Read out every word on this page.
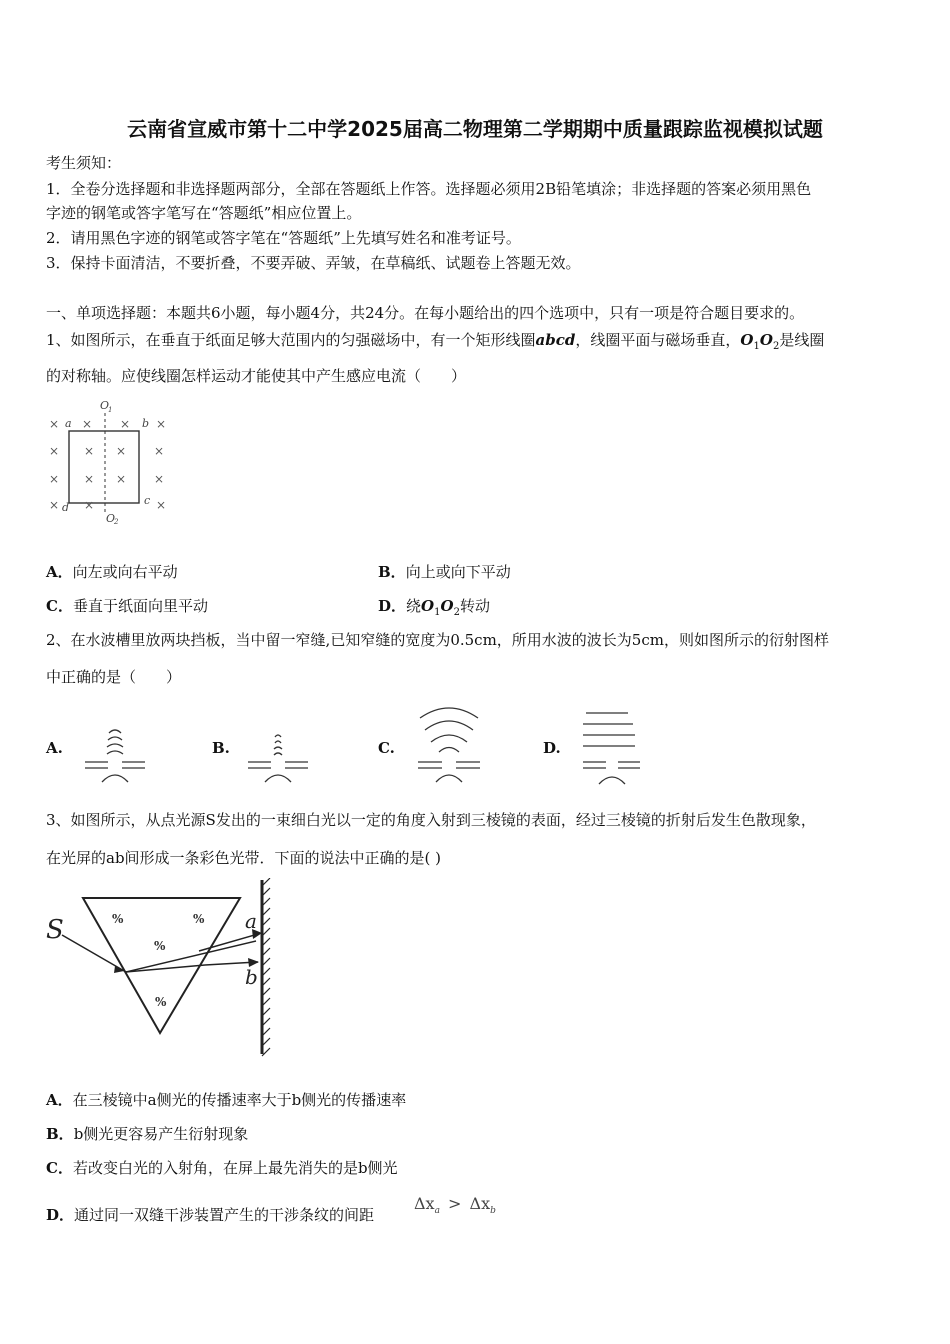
云南省宣威市第十二中学2025届高二物理第二学期期中质量跟踪监视模拟试题
考生须知：
1．全卷分选择题和非选择题两部分，全部在答题纸上作答。选择题必须用2B铅笔填涂；非选择题的答案必须用黑色
字迹的钢笔或答字笔写在“答题纸”相应位置上。
2．请用黑色字迹的钢笔或答字笔在“答题纸”上先填写姓名和准考证号。
3．保持卡面清洁，不要折叠，不要弄破、弄皱，在草稿纸、试题卷上答题无效。
一、单项选择题：本题共6小题，每小题4分，共24分。在每小题给出的四个选项中，只有一项是符合题目要求的。
1、如图所示，在垂直于纸面足够大范围内的匀强磁场中，有一个矩形线圈abcd，线圈平面与磁场垂直，$O_1O_2$是线圈
的对称轴。应使线圈怎样运动才能使其中产生感应电流（　　）
O
1
O
2
a	b
c
d
× × × ×
× × × ×
× × × ×
× ×	×
A．向左或向右平动	B．向上或向下平动
C．垂直于纸面向里平动	D．绕$O_1O_2$转动
2、在水波槽里放两块挡板，当中留一窄缝,已知窄缝的宽度为0.5cm，所用水波的波长为5cm，则如图所示的衍射图样
中正确的是（　　）
A.	B.	C.	D.
3、如图所示，从点光源S发出的一束细白光以一定的角度入射到三棱镜的表面，经过三棱镜的折射后发生色散现象，
在光屏的ab间形成一条彩色光带．下面的说法中正确的是( )
S	a
b
%	%
%
%
A．在三棱镜中a侧光的传播速率大于b侧光的传播速率
B．b侧光更容易产生衍射现象
C．若改变白光的入射角，在屏上最先消失的是b侧光
D．通过同一双缝干涉装置产生的干涉条纹的间距
$\Delta x_a > \Delta x_b$
